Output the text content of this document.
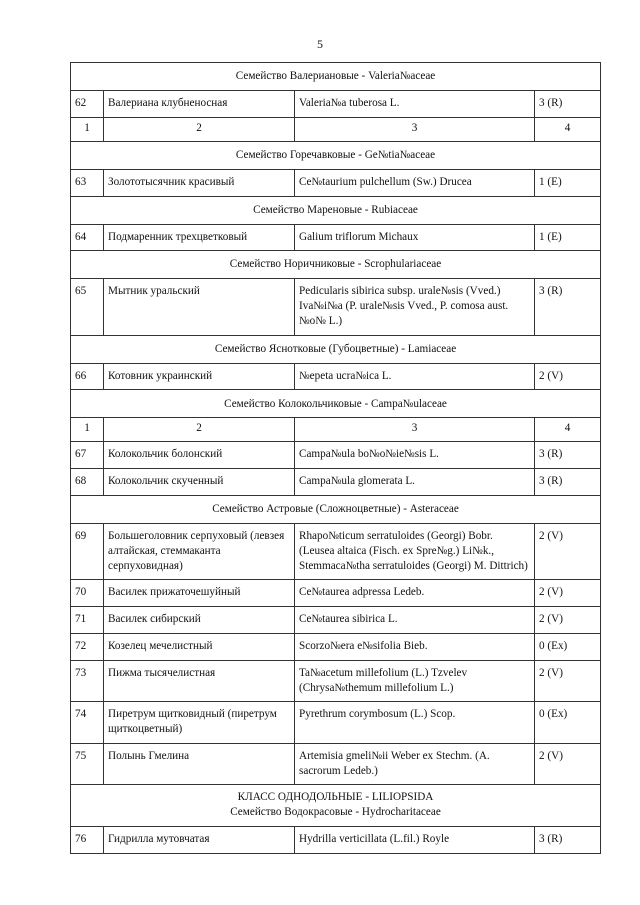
5
Семейство Валериановые - Valeria№aceae			
62	Валериана клубненосная	Valeria№a tuberosa L.	3 (R)
1	2	3	4
Семейство Горечавковые - Ge№tia№aceae			
63	Золототысячник красивый	Ce№taurium pulchellum (Sw.) Drucea	1 (E)
Семейство Мареновые - Rubiaceae			
64	Подмаренник трехцветковый	Galium triflorum Michaux	1 (E)
Семейство Норичниковые - Scrophulariaceae			
65	Мытник уральский	Pedicularis sibirica subsp. urale№sis (Vved.) Iva№i№a (P. urale№sis Vved., P. comosa aust. №o№ L.)	3 (R)
Семейство Яснотковые (Губоцветные) - Lamiaceae			
66	Котовник украинский	№epeta ucra№ica L.	2 (V)
Семейство Колокольчиковые - Campa№ulaceae			
1	2	3	4
67	Колокольчик болонский	Campa№ula bo№o№ie№sis L.	3 (R)
68	Колокольчик скученный	Campa№ula glomerata L.	3 (R)
Семейство Астровые (Сложноцветные) - Asteraceae			
69	Большеголовник серпуховый (левзея алтайская, стеммаканта серпуховидная)	Rhapo№ticum serratuloides (Georgi) Bobr. (Leusea altaica (Fisch. ex Spre№g.) Li№k., Stemmaca№tha serratuloides (Georgi) M. Dittrich)	2 (V)
70	Василек прижаточешуйный	Ce№taurea adpressa Ledeb.	2 (V)
71	Василек сибирский	Ce№taurea sibirica L.	2 (V)
72	Козелец мечелистный	Scorzo№era e№sifolia Bieb.	0 (Ex)
73	Пижма тысячелистная	Ta№acetum millefolium (L.) Tzvelev (Chrysa№themum millefolium L.)	2 (V)
74	Пиретрум щитковидный (пиретрум щиткоцветный)	Pyrethrum corymbosum (L.) Scop.	0 (Ex)
75	Полынь Гмелина	Artemisia gmeli№ii Weber ex Stechm. (A. sacrorum Ledeb.)	2 (V)

КЛАСС ОДНОДОЛЬНЫЕ - LILIOPSIDA
Семейство Водокрасовые - Hydrocharitaceae			

76	Гидрилла мутовчатая	Hydrilla verticillata (L.fil.) Royle	3 (R)
